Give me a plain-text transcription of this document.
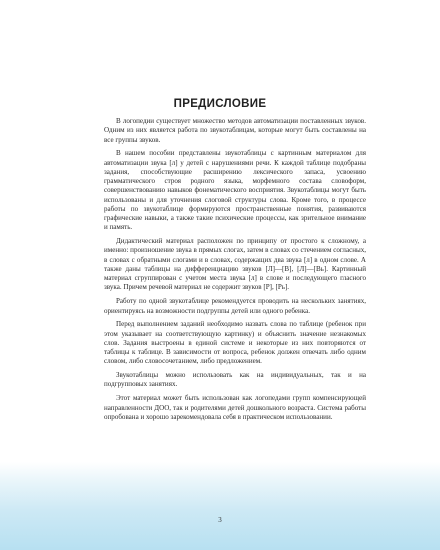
ПРЕДИСЛОВИЕ

В логопедии существует множество методов автоматизации поставленных звуков. Одним из них является работа по звукотаблицам, которые могут быть составлены на все группы звуков.

В нашем пособии представлены звукотаблицы с картинным материалом для автоматизации звука [л] у детей с нарушениями речи. К каждой таблице подобраны задания, способствующие расширению лексического запаса, усвоению грамматического строя родного языка, морфемного состава словоформ, совершенствованию навыков фонематического восприятия. Звукотаблицы могут быть использованы и для уточнения слоговой структуры слова. Кроме того, в процессе работы по звукотаблице формируются пространственные понятия, развиваются графические навыки, а также такие психические процессы, как зрительное внимание и память.

Дидактический материал расположен по принципу от простого к сложному, а именно: произношение звука в прямых слогах, затем в словах со стечением согласных, в словах с обратными слогами и в словах, содержащих два звука [л] в одном слове. А также даны таблицы на дифференциацию звуков [Л]—[В], [Л]—[Вь]. Картинный материал сгруппирован с учетом места звука [л] в слове и последующего гласного звука. Причем речевой материал не содержит звуков [Р], [Рь].

Работу по одной звукотаблице рекомендуется проводить на нескольких занятиях, ориентируясь на возможности подгруппы детей или одного ребенка.

Перед выполнением заданий необходимо назвать слова по таблице (ребенок при этом указывает на соответствующую картинку) и объяснить значение незнакомых слов. Задания выстроены в единой системе и некоторые из них повторяются от таблицы к таблице. В зависимости от вопроса, ребенок должен отвечать либо одним словом, либо словосочетанием, либо предложением.

Звукотаблицы можно использовать как на индивидуальных, так и на подгрупповых занятиях.

Этот материал может быть использован как логопедами групп компенсирующей направленности ДОО, так и родителями детей дошкольного возраста. Система работы опробована и хорошо зарекомендовала себя в практическом использовании.

3
